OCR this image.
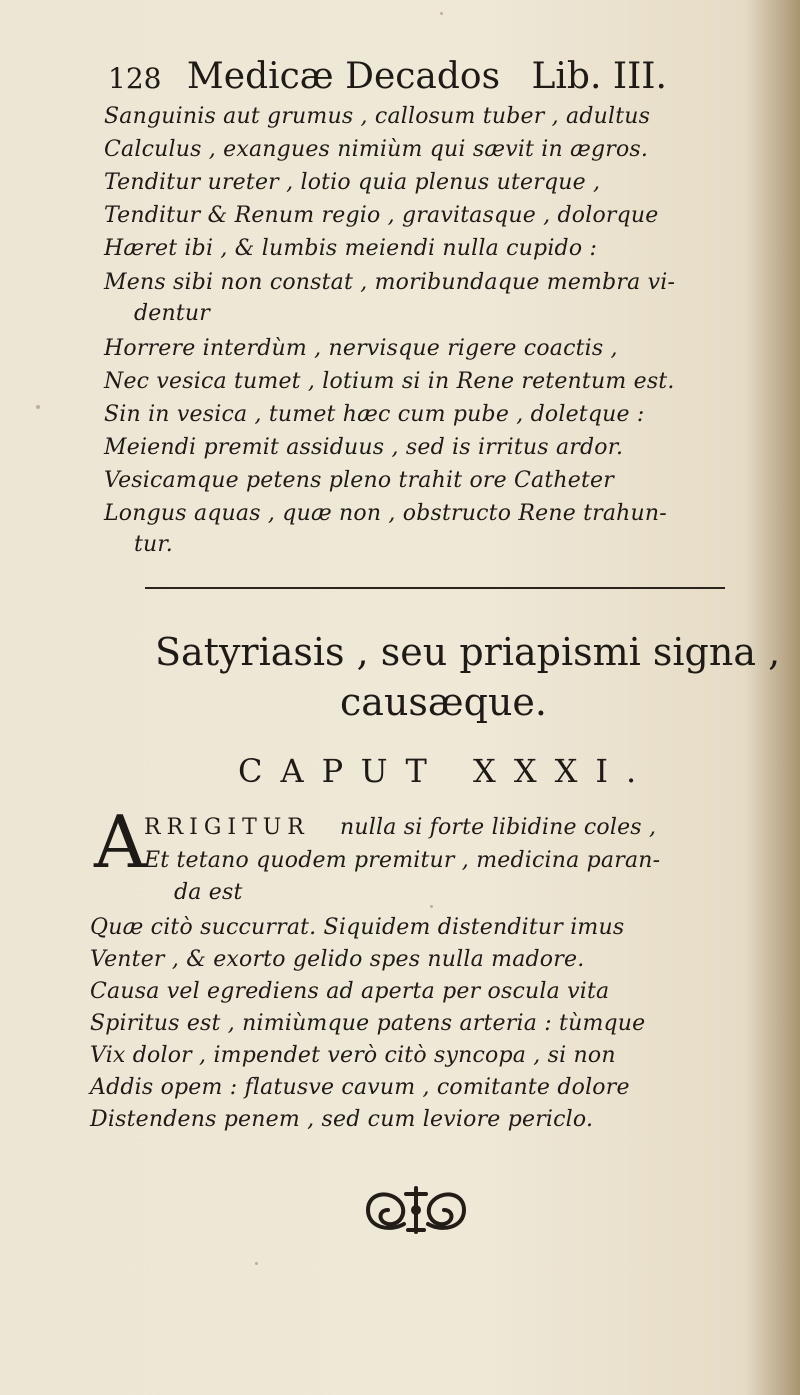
128 Medicæ Decados Lib. III.
Sanguinis aut grumus , callosum tuber , adultus
Calculus , exangues nimiùm qui sævit in ægros.
Tenditur ureter , lotio quia plenus uterque ,
Tenditur & Renum regio , gravitasque , dolorque
Hæret ibi , & lumbis meiendi nulla cupido :
Mens sibi non constat , moribundaque membra vi-
dentur
Horrere interdùm , nervisque rigere coactis ,
Nec vesica tumet , lotium si in Rene retentum est.
Sin in vesica , tumet hæc cum pube , doletque :
Meiendi premit assiduus , sed is irritus ardor.
Vesicamque petens pleno trahit ore Catheter
Longus aquas , quæ non , obstructo Rene trahun-
tur.
Satyriasis , seu priapismi signa ,
causæque.
CAPUT XXXI.
A
RRIGITUR nulla si forte libidine coles ,
Et tetano quodem premitur , medicina paran-
da est
Quæ citò succurrat. Siquidem distenditur imus
Venter , & exorto gelido spes nulla madore.
Causa vel egrediens ad aperta per oscula vita
Spiritus est , nimiùmque patens arteria : tùmque
Vix dolor , impendet verò citò syncopa , si non
Addis opem : flatusve cavum , comitante dolore
Distendens penem , sed cum leviore periclo.
